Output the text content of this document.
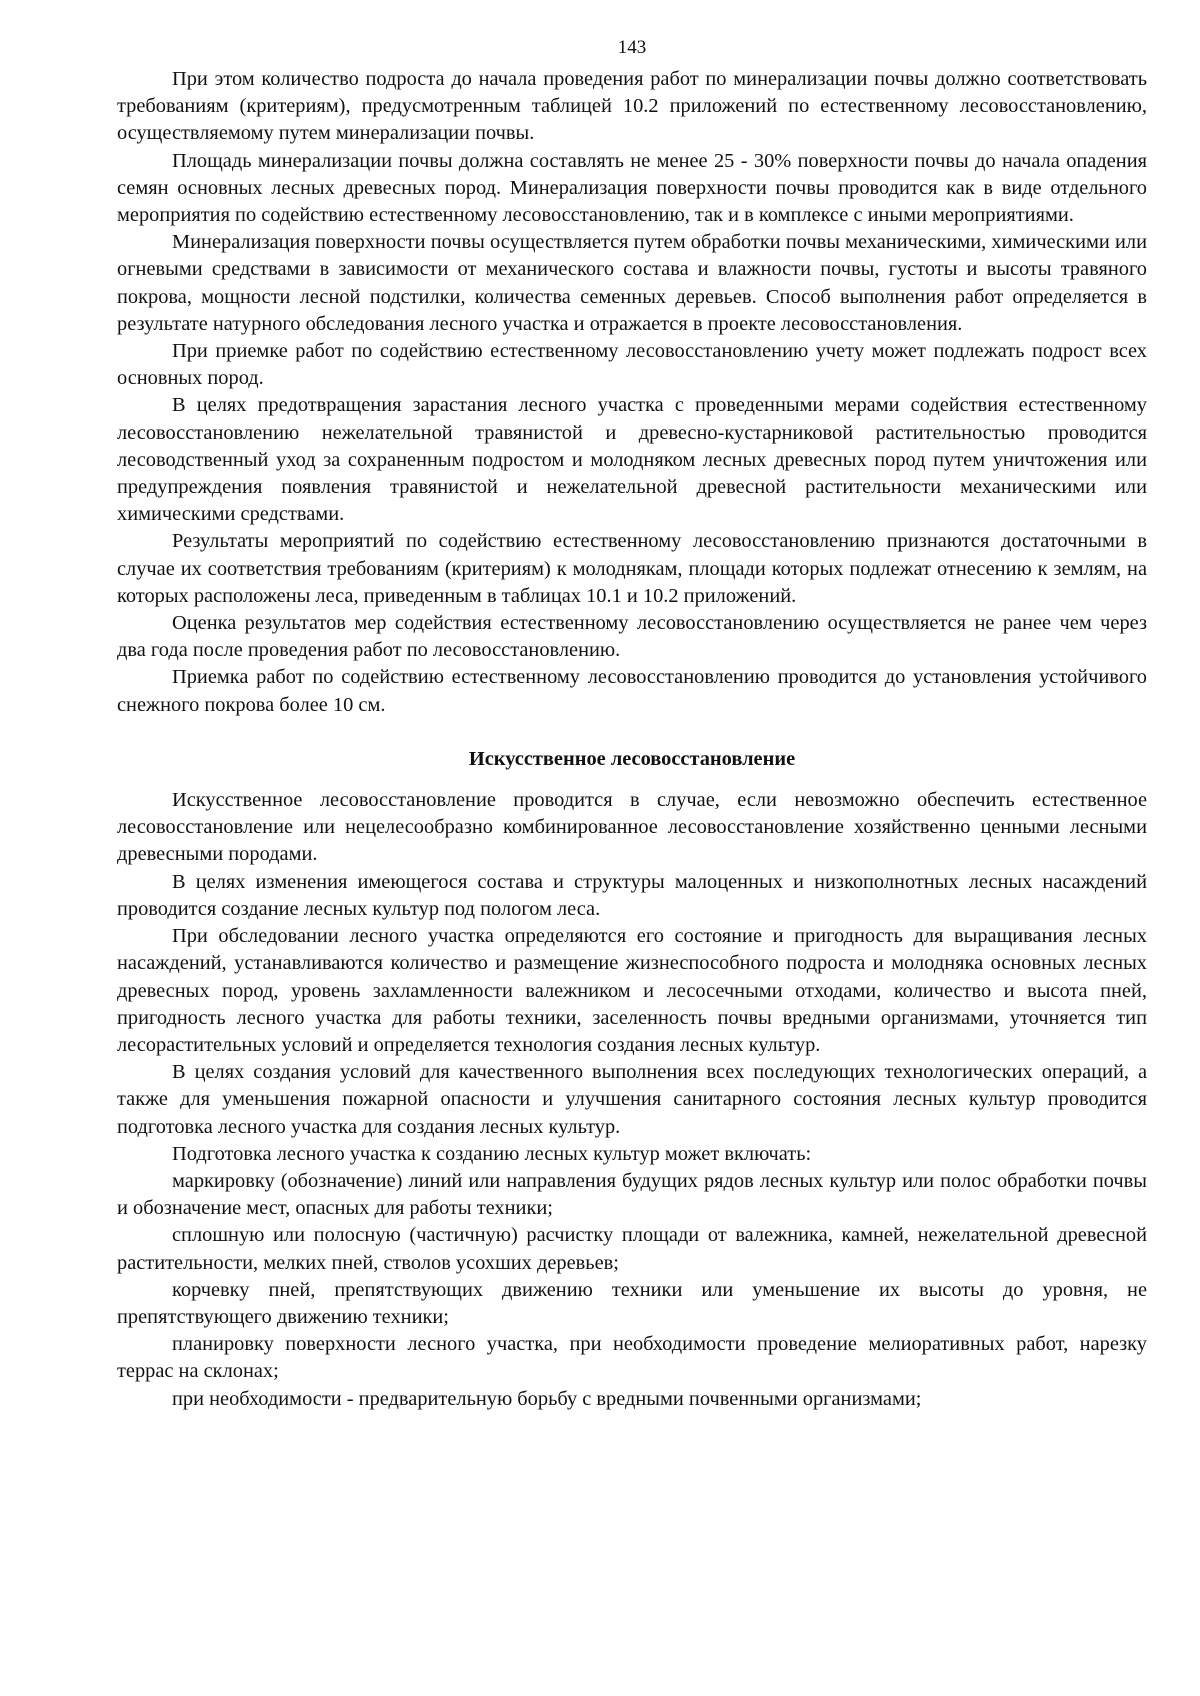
143

При этом количество подроста до начала проведения работ по минерализации почвы должно соответствовать требованиям (критериям), предусмотренным таблицей 10.2 приложений по естественному лесовосстановлению, осуществляемому путем минерализации почвы.

Площадь минерализации почвы должна составлять не менее 25 - 30% поверхности почвы до начала опадения семян основных лесных древесных пород. Минерализация поверхности почвы проводится как в виде отдельного мероприятия по содействию естественному лесовосстановлению, так и в комплексе с иными мероприятиями.

Минерализация поверхности почвы осуществляется путем обработки почвы механическими, химическими или огневыми средствами в зависимости от механического состава и влажности почвы, густоты и высоты травяного покрова, мощности лесной подстилки, количества семенных деревьев. Способ выполнения работ определяется в результате натурного обследования лесного участка и отражается в проекте лесовосстановления.

При приемке работ по содействию естественному лесовосстановлению учету может подлежать подрост всех основных пород.

В целях предотвращения зарастания лесного участка с проведенными мерами содействия естественному лесовосстановлению нежелательной травянистой и древесно-кустарниковой растительностью проводится лесоводственный уход за сохраненным подростом и молодняком лесных древесных пород путем уничтожения или предупреждения появления травянистой и нежелательной древесной растительности механическими или химическими средствами.

Результаты мероприятий по содействию естественному лесовосстановлению признаются достаточными в случае их соответствия требованиям (критериям) к молоднякам, площади которых подлежат отнесению к землям, на которых расположены леса, приведенным в таблицах 10.1 и 10.2 приложений.

Оценка результатов мер содействия естественному лесовосстановлению осуществляется не ранее чем через два года после проведения работ по лесовосстановлению.

Приемка работ по содействию естественному лесовосстановлению проводится до установления устойчивого снежного покрова более 10 см.

Искусственное лесовосстановление

Искусственное лесовосстановление проводится в случае, если невозможно обеспечить естественное лесовосстановление или нецелесообразно комбинированное лесовосстановление хозяйственно ценными лесными древесными породами.

В целях изменения имеющегося состава и структуры малоценных и низкополнотных лесных насаждений проводится создание лесных культур под пологом леса.

При обследовании лесного участка определяются его состояние и пригодность для выращивания лесных насаждений, устанавливаются количество и размещение жизнеспособного подроста и молодняка основных лесных древесных пород, уровень захламленности валежником и лесосечными отходами, количество и высота пней, пригодность лесного участка для работы техники, заселенность почвы вредными организмами, уточняется тип лесорастительных условий и определяется технология создания лесных культур.

В целях создания условий для качественного выполнения всех последующих технологических операций, а также для уменьшения пожарной опасности и улучшения санитарного состояния лесных культур проводится подготовка лесного участка для создания лесных культур.

Подготовка лесного участка к созданию лесных культур может включать:

маркировку (обозначение) линий или направления будущих рядов лесных культур или полос обработки почвы и обозначение мест, опасных для работы техники;

сплошную или полосную (частичную) расчистку площади от валежника, камней, нежелательной древесной растительности, мелких пней, стволов усохших деревьев;

корчевку пней, препятствующих движению техники или уменьшение их высоты до уровня, не препятствующего движению техники;

планировку поверхности лесного участка, при необходимости проведение мелиоративных работ, нарезку террас на склонах;

при необходимости - предварительную борьбу с вредными почвенными организмами;
